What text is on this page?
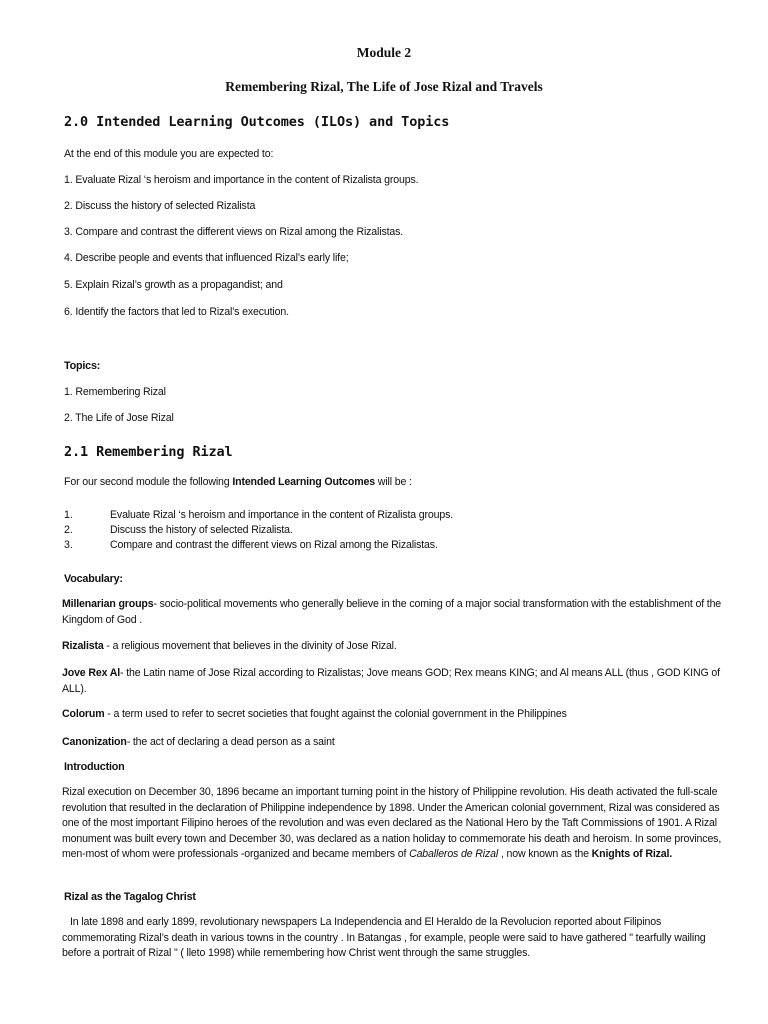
Module 2
Remembering Rizal, The Life of Jose Rizal and Travels
2.0 Intended Learning Outcomes (ILOs) and Topics
At the end of this module you are expected to:
1. Evaluate Rizal ‘s heroism and importance in the content of Rizalista groups.
2. Discuss the history of selected Rizalista
3. Compare and contrast the different views on Rizal among the Rizalistas.
4. Describe people and events that influenced Rizal’s early life;
5. Explain Rizal’s growth as a propagandist; and
6. Identify the factors that led to Rizal’s execution.
Topics:
1. Remembering Rizal
2. The Life of Jose Rizal
2.1 Remembering Rizal
For our second module the following Intended Learning Outcomes will be :
1.	Evaluate Rizal ‘s heroism and importance in the content of Rizalista groups.
2.	Discuss the history of selected Rizalista.
3.	Compare and contrast the different views on Rizal among the Rizalistas.
Vocabulary:
Millenarian groups- socio-political movements who generally believe in the coming of a major social transformation with the establishment of the Kingdom of God .
Rizalista - a religious movement that believes in the divinity of Jose Rizal.
Jove Rex Al- the Latin name of Jose Rizal according to Rizalistas; Jove means GOD; Rex means KING; and Al means ALL (thus , GOD KING of ALL).
Colorum - a term used to refer to secret societies that fought against the colonial government in the Philippines
Canonization- the act of declaring a dead person as a saint
Introduction
Rizal execution on December 30, 1896 became an important turning point in the history of Philippine revolution. His death activated the full-scale revolution that resulted in the declaration of Philippine independence by 1898. Under the American colonial government, Rizal was considered as one of the most important Filipino heroes of the revolution and was even declared as the National Hero by the Taft Commissions of 1901. A Rizal monument was built every town and December 30, was declared as a nation holiday to commemorate his death and heroism. In some provinces, men-most of whom were professionals -organized and became members of Caballeros de Rizal , now known as the Knights of Rizal.
Rizal as the Tagalog Christ
In late 1898 and early 1899, revolutionary newspapers La Independencia and El Heraldo de la Revolucion reported about Filipinos commemorating Rizal’s death in various towns in the country . In Batangas , for example, people were said to have gathered " tearfully wailing before a portrait of Rizal " ( lleto 1998) while remembering how Christ went through the same struggles.
